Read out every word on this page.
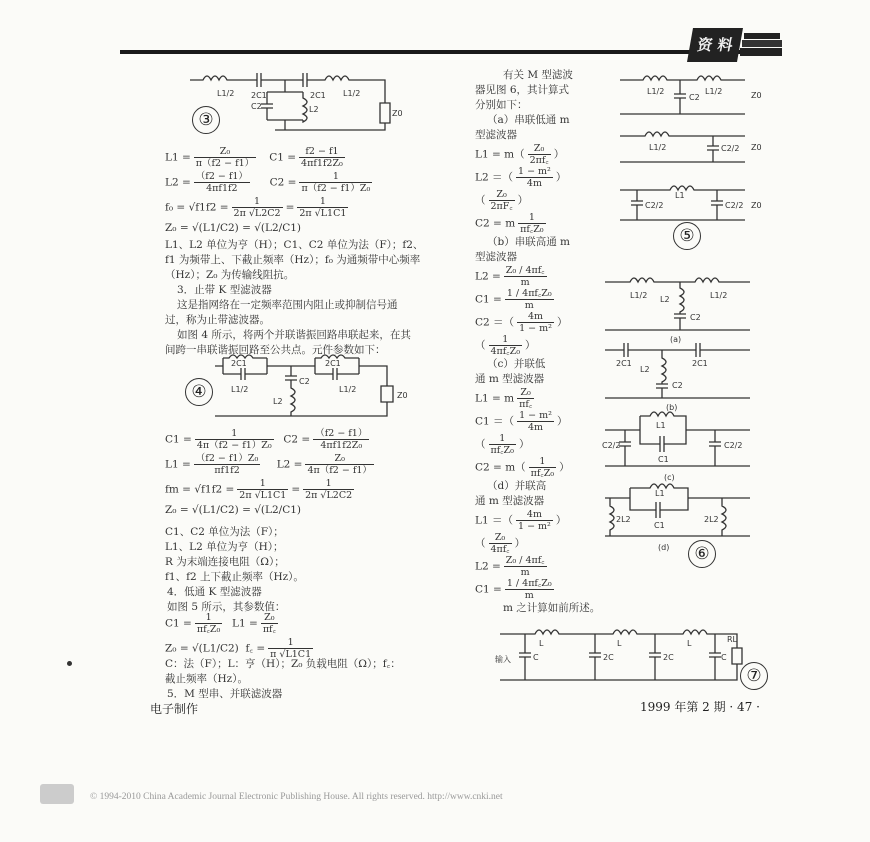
资 料
L1/2 2C1	2C1 L1/2
C2	L2	Z0
③

$L1 = \frac{\text{Z₀}}{\pi(f2 - f1)} C1 = \frac{f2 - f1}{\text{4πf1f2Z₀}}$

$L2 = \frac{(f2 - f1)}{4\pi f1f2} C2 = \frac{1}{\text{π（f2 − f1）Z₀}}$

$f_0 = √f1f2 = \frac{1}{2\pi √L2C2} = \frac{1}{2\pi √L1C1}$

Z₀ = √(L1/C2) = √(L2/C1)

L1、L2 单位为亨（H）；C1、C2 单位为法（F）；f2、

f1 为频带上、下截止频率（Hz）；f₀ 为通频带中心频率

（Hz）；Z₀ 为传输线阻抗。

3．止带 K 型滤波器

这是指网络在一定频率范围内阻止或抑制信号通

过，称为止带滤波器。

如图 4 所示，将两个并联谐振回路串联起来，在其

间跨一串联谐振回路至公共点。元件参数如下：

2C1	2C1
L1/2	L1/2
C2
L2
Z0
④

$C1 = \frac{1}{\text{4π（f2 − f1）Z₀}} C2 = \frac{(f2 - f1)}{\text{4πf1f2Z₀}}$

$L1 = \frac{\text{（f2 − f1）Z₀}}{\pi f1f2} L2 = \frac{\text{Z₀}}{4\pi(f2 - f1)}$

fm = $√f1f2 = \frac{1}{2\pi √L1C1} = \frac{1}{2\pi √L2C2}$

Z₀ = √(L1/C2) = √(L2/C1)

C1、C2 单位为法（F）；

L1、L2 单位为亨（H）；

R 为末端连接电阻（Ω）；

f1、f2 上下截止频率（Hz）。

4．低通 K 型滤波器

如图 5 所示，其参数值：

$C1 = \frac{1}{\text{πf꜀Z₀}} L1 = \frac{\text{Z₀}}{\pi f꜀}$

Z₀ = √(L1/C2) f꜀ = $\frac{1}{\pi √L1C1}$

C：法（F）；L：亨（H）；Z₀ 负载电阻（Ω）；f꜀：

截止频率（Hz）。

5．M 型串、并联滤波器

有关 M 型滤波

器见图 6，其计算式

分别如下：

（a）串联低通 m

型滤波器

$L1 = m( \frac{\text{Z₀}}{2\pi f꜀}$ ）

L2 ＝（ $\frac{\text{1 − m²}}{4m}$ ）

（ $\frac{\text{Z₀}}{2\pi F꜀}$ ）

C2 = m $\frac{1}{\text{πf꜀Z₀}}$

（b）串联高通 m

型滤波器

$L2 = \frac{\text{Z₀ / 4πf꜀}}{m}$

$C1 = \frac{\text{1 / 4πf꜀Z₀}}{m}$

C2 ＝（ $\frac{4m}{\text{1 − m²}}$ ）

（ $\frac{1}{\text{4πf꜀Z₀}}$ ）

（c）并联低

通 m 型滤波器

L1 = m $\frac{\text{Z₀}}{\pi f꜀}$

C1 ＝（ $\frac{\text{1 − m²}}{4m}$ ）

（ $\frac{1}{\text{πf꜀Z₀}}$ ）

$C2 = m( \frac{1}{\text{πf꜀Z₀}}$ ）

（d）并联高

通 m 型滤波器

L1 ＝（ $\frac{4m}{\text{1 − m²}}$ ）

（ $\frac{\text{Z₀}}{4\pi f꜀}$ ）

$L2 = \frac{\text{Z₀ / 4πf꜀}}{m}$

$C1 = \frac{\text{1 / 4πf꜀Z₀}}{m}$

m 之计算如前所述。

L1/2	L1/2
C2	Z0
L1/2	C2/2 Z0
L1
C2/2	C2/2 Z0
⑤
L1/2 L2	L1/2
C2
(a)
2C1	2C1
L2
C2
(b)
L1
C1
C2/2	C2/2
(c)
L1
2L2
C1
2L2
(d)	⑥
L	L	L
输入	C	2C	2C	C
RL
⑦
电子制作	1999 年第 2 期 · 47 ·
© 1994-2010 China Academic Journal Electronic Publishing House. All rights reserved. http://www.cnki.net
